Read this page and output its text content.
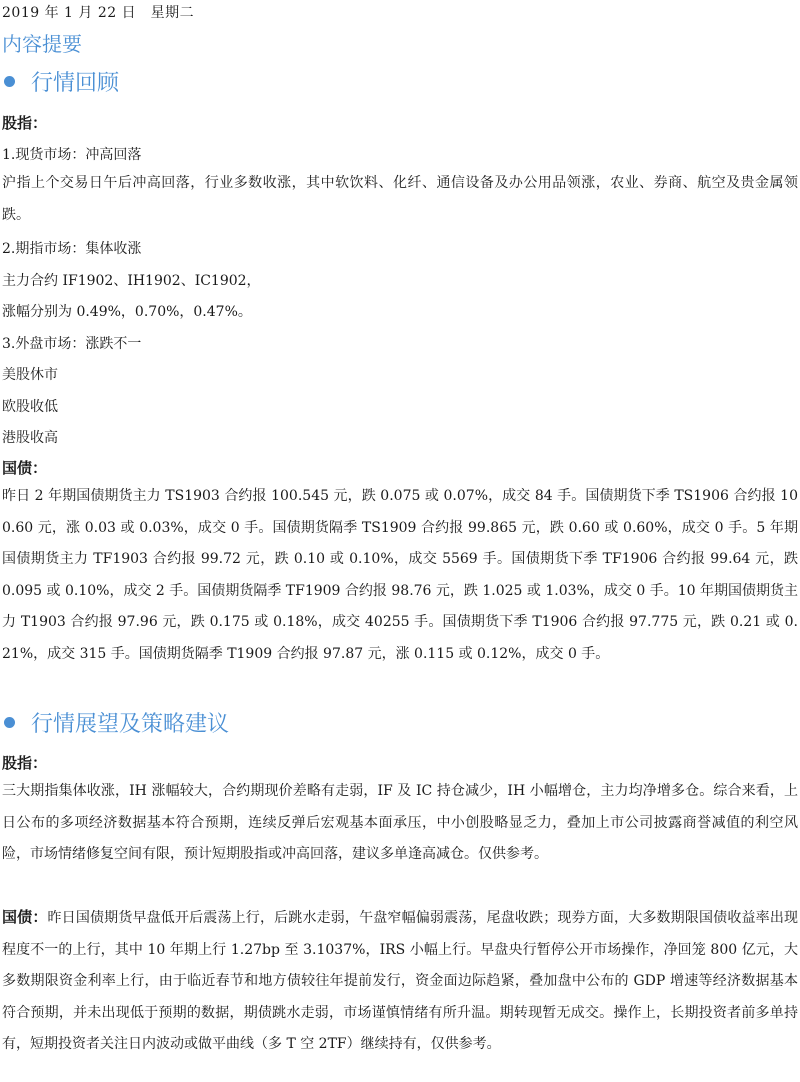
2019 年 1 月 22 日　星期二
内容提要
行情回顾
股指：
1.现货市场：冲高回落
沪指上个交易日午后冲高回落，行业多数收涨，其中软饮料、化纤、通信设备及办公用品领涨，农业、券商、航空及贵金属领跌。
2.期指市场：集体收涨
主力合约 IF1902、IH1902、IC1902，
涨幅分别为 0.49%，0.70%，0.47%。
3.外盘市场：涨跌不一
美股休市
欧股收低
港股收高
国债：
昨日 2 年期国债期货主力 TS1903 合约报 100.545 元，跌 0.075 或 0.07%，成交 84 手。国债期货下季 TS1906 合约报 100.60 元，涨 0.03 或 0.03%，成交 0 手。国债期货隔季 TS1909 合约报 99.865 元，跌 0.60 或 0.60%，成交 0 手。5 年期国债期货主力 TF1903 合约报 99.72 元，跌 0.10 或 0.10%，成交 5569 手。国债期货下季 TF1906 合约报 99.64 元，跌 0.095 或 0.10%，成交 2 手。国债期货隔季 TF1909 合约报 98.76 元，跌 1.025 或 1.03%，成交 0 手。10 年期国债期货主力 T1903 合约报 97.96 元，跌 0.175 或 0.18%，成交 40255 手。国债期货下季 T1906 合约报 97.775 元，跌 0.21 或 0.21%，成交 315 手。国债期货隔季 T1909 合约报 97.87 元，涨 0.115 或 0.12%，成交 0 手。
行情展望及策略建议
股指：
三大期指集体收涨，IH 涨幅较大，合约期现价差略有走弱，IF 及 IC 持仓减少，IH 小幅增仓，主力均净增多仓。综合来看，上日公布的多项经济数据基本符合预期，连续反弹后宏观基本面承压，中小创股略显乏力，叠加上市公司披露商誉减值的利空风险，市场情绪修复空间有限，预计短期股指或冲高回落，建议多单逢高减仓。仅供参考。
国债：昨日国债期货早盘低开后震荡上行，后跳水走弱，午盘窄幅偏弱震荡，尾盘收跌；现券方面，大多数期限国债收益率出现程度不一的上行，其中 10 年期上行 1.27bp 至 3.1037%，IRS 小幅上行。早盘央行暂停公开市场操作，净回笼 800 亿元，大多数期限资金利率上行，由于临近春节和地方债较往年提前发行，资金面边际趋紧，叠加盘中公布的 GDP 增速等经济数据基本符合预期，并未出现低于预期的数据，期债跳水走弱，市场谨慎情绪有所升温。期转现暂无成交。操作上，长期投资者前多单持有，短期投资者关注日内波动或做平曲线（多 T 空 2TF）继续持有，仅供参考。
